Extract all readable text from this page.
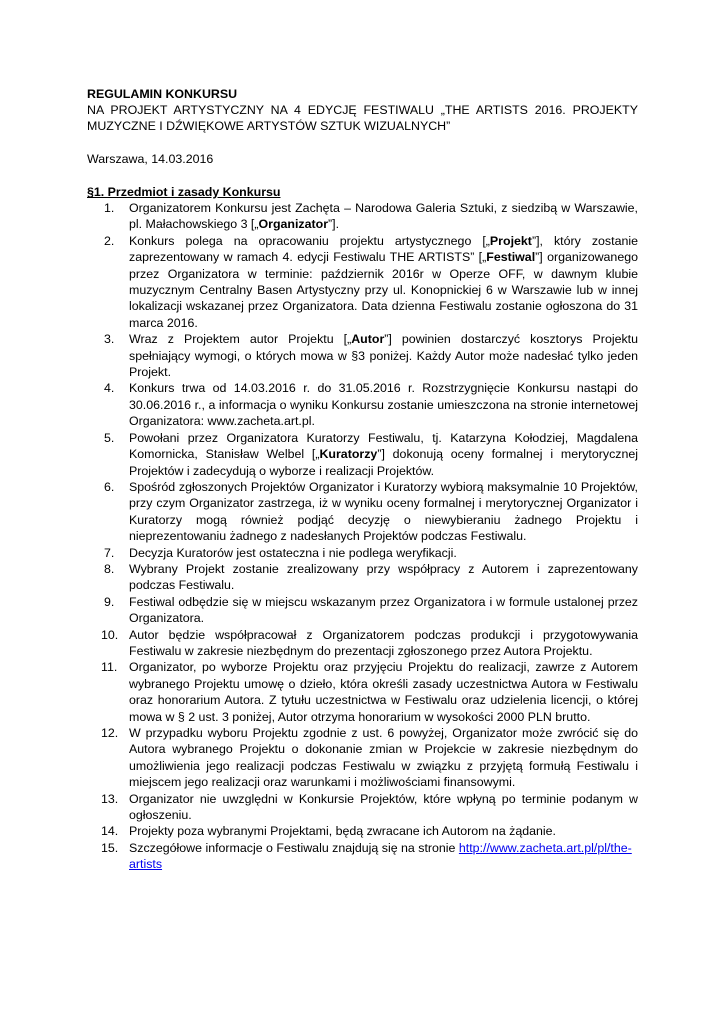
REGULAMIN KONKURSU
NA PROJEKT ARTYSTYCZNY NA 4 EDYCJĘ FESTIWALU „THE ARTISTS 2016. PROJEKTY MUZYCZNE I DŹWIĘKOWE ARTYSTÓW SZTUK WIZUALNYCH”
Warszawa, 14.03.2016
§1. Przedmiot i zasady Konkursu
1.	Organizatorem Konkursu jest Zachęta – Narodowa Galeria Sztuki, z siedzibą w Warszawie, pl. Małachowskiego 3 [„Organizator”].
2.	Konkurs polega na opracowaniu projektu artystycznego [„Projekt”], który zostanie zaprezentowany w ramach 4. edycji Festiwalu THE ARTISTS” [„Festiwal”] organizowanego przez Organizatora w terminie: październik 2016r w Operze OFF, w dawnym klubie muzycznym Centralny Basen Artystyczny przy ul. Konopnickiej 6 w Warszawie lub w innej lokalizacji wskazanej przez Organizatora. Data dzienna Festiwalu zostanie ogłoszona do 31 marca 2016.
3.	Wraz z Projektem autor Projektu [„Autor”] powinien dostarczyć kosztorys Projektu spełniający wymogi, o których mowa w §3 poniżej. Każdy Autor może nadesłać tylko jeden Projekt.
4.	Konkurs trwa od 14.03.2016 r. do 31.05.2016 r. Rozstrzygnięcie Konkursu nastąpi do 30.06.2016 r., a informacja o wyniku Konkursu zostanie umieszczona na stronie internetowej Organizatora: www.zacheta.art.pl.
5.	Powołani przez Organizatora Kuratorzy Festiwalu, tj. Katarzyna Kołodziej, Magdalena Komornicka, Stanisław Welbel [„Kuratorzy”] dokonują oceny formalnej i merytorycznej Projektów i zadecydują o wyborze i realizacji Projektów.
6.	Spośród zgłoszonych Projektów Organizator i Kuratorzy wybiorą maksymalnie 10 Projektów, przy czym Organizator zastrzega, iż w wyniku oceny formalnej i merytorycznej Organizator i Kuratorzy mogą również podjąć decyzję o niewybieraniu żadnego Projektu i nieprezentowaniu żadnego z nadesłanych Projektów podczas Festiwalu.
7.	Decyzja Kuratorów jest ostateczna i nie podlega weryfikacji.
8.	Wybrany Projekt zostanie zrealizowany przy współpracy z Autorem i zaprezentowany podczas Festiwalu.
9.	Festiwal odbędzie się w miejscu wskazanym przez Organizatora i w formule ustalonej przez Organizatora.
10. Autor będzie współpracował z Organizatorem podczas produkcji i przygotowywania Festiwalu w zakresie niezbędnym do prezentacji zgłoszonego przez Autora Projektu.
11. Organizator, po wyborze Projektu oraz przyjęciu Projektu do realizacji, zawrze z Autorem wybranego Projektu umowę o dzieło, która określi zasady uczestnictwa Autora w Festiwalu oraz honorarium Autora. Z tytułu uczestnictwa w Festiwalu oraz udzielenia licencji, o której mowa w § 2 ust. 3 poniżej, Autor otrzyma honorarium w wysokości 2000 PLN brutto.
12. W przypadku wyboru Projektu zgodnie z ust. 6 powyżej, Organizator może zwrócić się do Autora wybranego Projektu o dokonanie zmian w Projekcie w zakresie niezbędnym do umożliwienia jego realizacji podczas Festiwalu w związku z przyjętą formułą Festiwalu i miejscem jego realizacji oraz warunkami i możliwościami finansowymi.
13. Organizator nie uwzględni w Konkursie Projektów, które wpłyną po terminie podanym w ogłoszeniu.
14. Projekty poza wybranymi Projektami, będą zwracane ich Autorom na żądanie.
15. Szczegółowe informacje o Festiwalu znajdują się na stronie http://www.zacheta.art.pl/pl/the-artists
